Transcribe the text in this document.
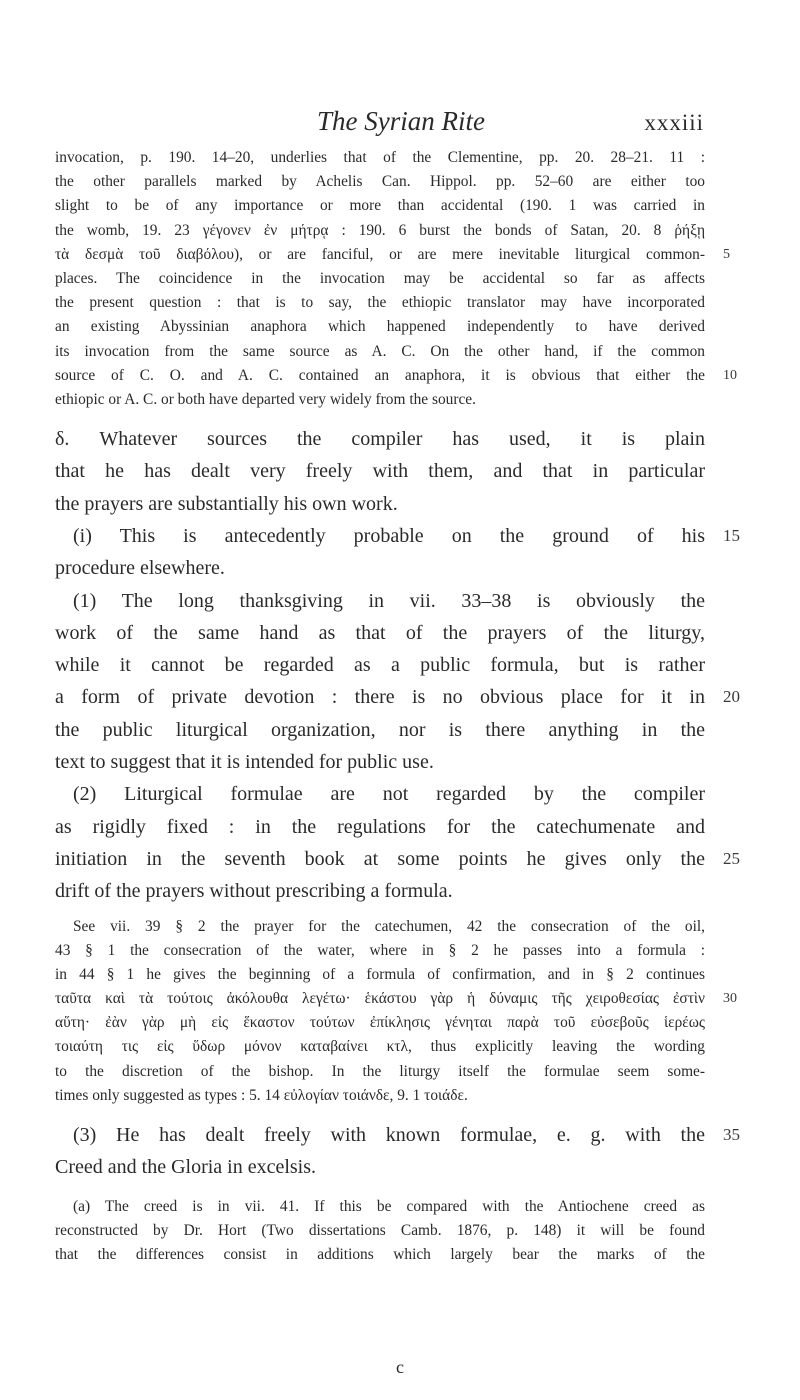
The Syrian Rite	xxxiii
invocation, p. 190. 14–20, underlies that of the Clementine, pp. 20. 28–21. 11 :
the other parallels marked by Achelis Can. Hippol. pp. 52–60 are either too
slight to be of any importance or more than accidental (190. 1 was carried in
the womb, 19. 23 γέγονεν ἐν μήτρᾳ : 190. 6 burst the bonds of Satan, 20. 8 ῥήξῃ
τὰ δεσμὰ τοῦ διαβόλου), or are fanciful, or are mere inevitable liturgical common- 5
places. The coincidence in the invocation may be accidental so far as affects
the present question : that is to say, the ethiopic translator may have incorporated
an existing Abyssinian anaphora which happened independently to have derived
its invocation from the same source as A. C. On the other hand, if the common
source of C. O. and A. C. contained an anaphora, it is obvious that either the 10
ethiopic or A. C. or both have departed very widely from the source.
δ. Whatever sources the compiler has used, it is plain
that he has dealt very freely with them, and that in particular
the prayers are substantially his own work.
(i) This is antecedently probable on the ground of his 15
procedure elsewhere.
(1) The long thanksgiving in vii. 33–38 is obviously the
work of the same hand as that of the prayers of the liturgy,
while it cannot be regarded as a public formula, but is rather
a form of private devotion : there is no obvious place for it in 20
the public liturgical organization, nor is there anything in the
text to suggest that it is intended for public use.
(2) Liturgical formulae are not regarded by the compiler
as rigidly fixed : in the regulations for the catechumenate and
initiation in the seventh book at some points he gives only the 25
drift of the prayers without prescribing a formula.
See vii. 39 § 2 the prayer for the catechumen, 42 the consecration of the oil,
43 § 1 the consecration of the water, where in § 2 he passes into a formula :
in 44 § 1 he gives the beginning of a formula of confirmation, and in § 2 continues
ταῦτα καὶ τὰ τούτοις ἀκόλουθα λεγέτω· ἑκάστου γὰρ ἡ δύναμις τῆς χειροθεσίας ἐστὶν 30
αὕτη· ἐὰν γὰρ μὴ εἰς ἕκαστον τούτων ἐπίκλησις γένηται παρὰ τοῦ εὐσεβοῦς ἱερέως
τοιαύτη τις εἰς ὕδωρ μόνον καταβαίνει κτλ, thus explicitly leaving the wording
to the discretion of the bishop. In the liturgy itself the formulae seem some-
times only suggested as types : 5. 14 εὐλογίαν τοιάνδε, 9. 1 τοιάδε.
(3) He has dealt freely with known formulae, e. g. with the 35
Creed and the Gloria in excelsis.
(a) The creed is in vii. 41. If this be compared with the Antiochene creed as
reconstructed by Dr. Hort (Two dissertations Camb. 1876, p. 148) it will be found
that the differences consist in additions which largely bear the marks of the
c
